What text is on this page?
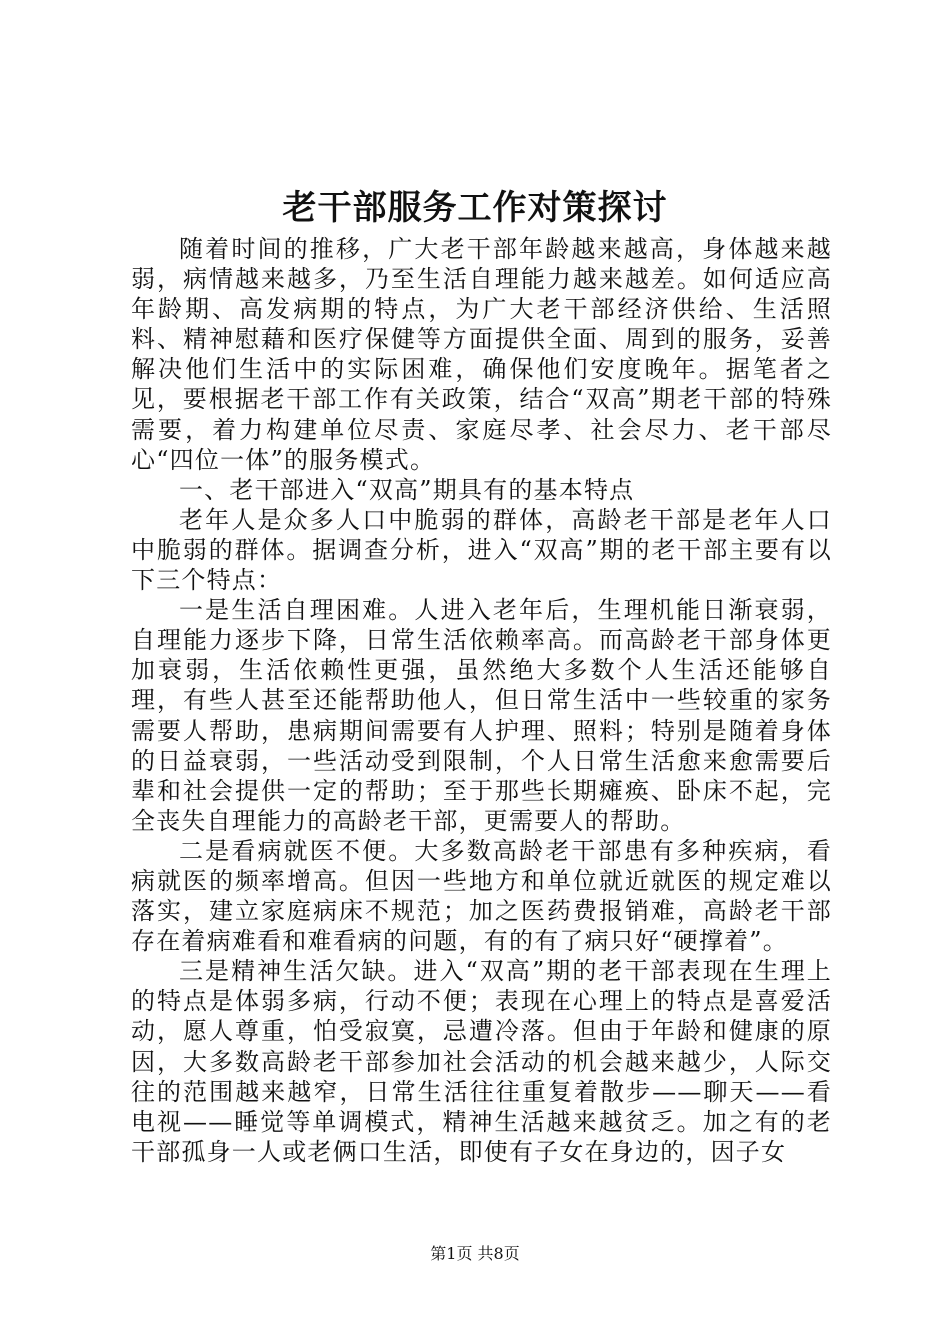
老干部服务工作对策探讨

随着时间的推移，广大老干部年龄越来越高，身体越来越弱，病情越来越多，乃至生活自理能力越来越差。如何适应高年龄期、高发病期的特点，为广大老干部经济供给、生活照料、精神慰藉和医疗保健等方面提供全面、周到的服务，妥善解决他们生活中的实际困难，确保他们安度晚年。据笔者之见，要根据老干部工作有关政策，结合“双高”期老干部的特殊需要，着力构建单位尽责、家庭尽孝、社会尽力、老干部尽心“四位一体”的服务模式。

一、老干部进入“双高”期具有的基本特点

老年人是众多人口中脆弱的群体，高龄老干部是老年人口中脆弱的群体。据调查分析，进入“双高”期的老干部主要有以下三个特点：

一是生活自理困难。人进入老年后，生理机能日渐衰弱，自理能力逐步下降，日常生活依赖率高。而高龄老干部身体更加衰弱，生活依赖性更强，虽然绝大多数个人生活还能够自理，有些人甚至还能帮助他人，但日常生活中一些较重的家务需要人帮助，患病期间需要有人护理、照料；特别是随着身体的日益衰弱，一些活动受到限制，个人日常生活愈来愈需要后辈和社会提供一定的帮助；至于那些长期瘫痪、卧床不起，完全丧失自理能力的高龄老干部，更需要人的帮助。

二是看病就医不便。大多数高龄老干部患有多种疾病，看病就医的频率增高。但因一些地方和单位就近就医的规定难以落实，建立家庭病床不规范；加之医药费报销难，高龄老干部存在着病难看和难看病的问题，有的有了病只好“硬撑着”。

三是精神生活欠缺。进入“双高”期的老干部表现在生理上的特点是体弱多病，行动不便；表现在心理上的特点是喜爱活动，愿人尊重，怕受寂寞，忌遭冷落。但由于年龄和健康的原因，大多数高龄老干部参加社会活动的机会越来越少，人际交往的范围越来越窄，日常生活往往重复着散步——聊天——看电视——睡觉等单调模式，精神生活越来越贫乏。加之有的老干部孤身一人或老俩口生活，即使有子女在身边的，因子女

第1页 共8页
